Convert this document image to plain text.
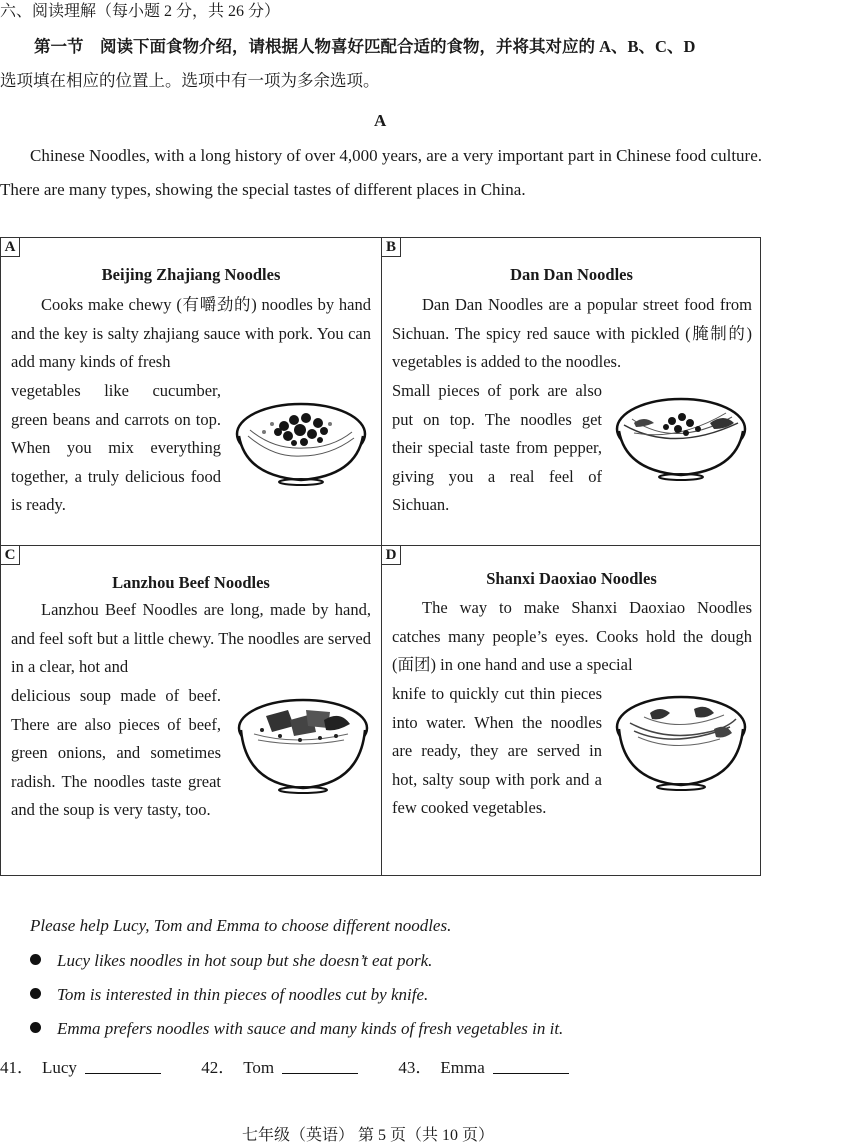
六、阅读理解（每小题 2 分，共 26 分）
第一节　阅读下面食物介绍，请根据人物喜好匹配合适的食物，并将其对应的 A、B、C、D
选项填在相应的位置上。选项中有一项为多余选项。
A
Chinese Noodles, with a long history of over 4,000 years, are a very important part in Chinese food culture. There are many types, showing the special tastes of different places in China.
A
Beijing Zhajiang Noodles
Cooks make chewy (有嚼劲的) noodles by hand and the key is salty zhajiang sauce with pork. You can add many kinds of fresh
vegetables like cucumber, green beans and carrots on top. When you mix everything together, a truly delicious food is ready.
B
Dan Dan Noodles
Dan Dan Noodles are a popular street food from Sichuan. The spicy red sauce with pickled (腌制的) vegetables is added to the noodles.
Small pieces of pork are also put on top. The noodles get their special taste from pepper, giving you a real feel of Sichuan.
C
Lanzhou Beef Noodles
Lanzhou Beef Noodles are long, made by hand, and feel soft but a little chewy. The noodles are served in a clear, hot and
delicious soup made of beef. There are also pieces of beef, green onions, and sometimes radish. The noodles taste great and the soup is very tasty, too.
D
Shanxi Daoxiao Noodles
The way to make Shanxi Daoxiao Noodles catches many people’s eyes. Cooks hold the dough (面团) in one hand and use a special
knife to quickly cut thin pieces into water. When the noodles are ready, they are served in hot, salty soup with pork and a few cooked vegetables.
Please help Lucy, Tom and Emma to choose different noodles.
Lucy likes noodles in hot soup but she doesn’t eat pork.
Tom is interested in thin pieces of noodles cut by knife.
Emma prefers noodles with sauce and many kinds of fresh vegetables in it.
41． Lucy	42． Tom	43． Emma
七年级（英语） 第 5 页（共 10 页）
